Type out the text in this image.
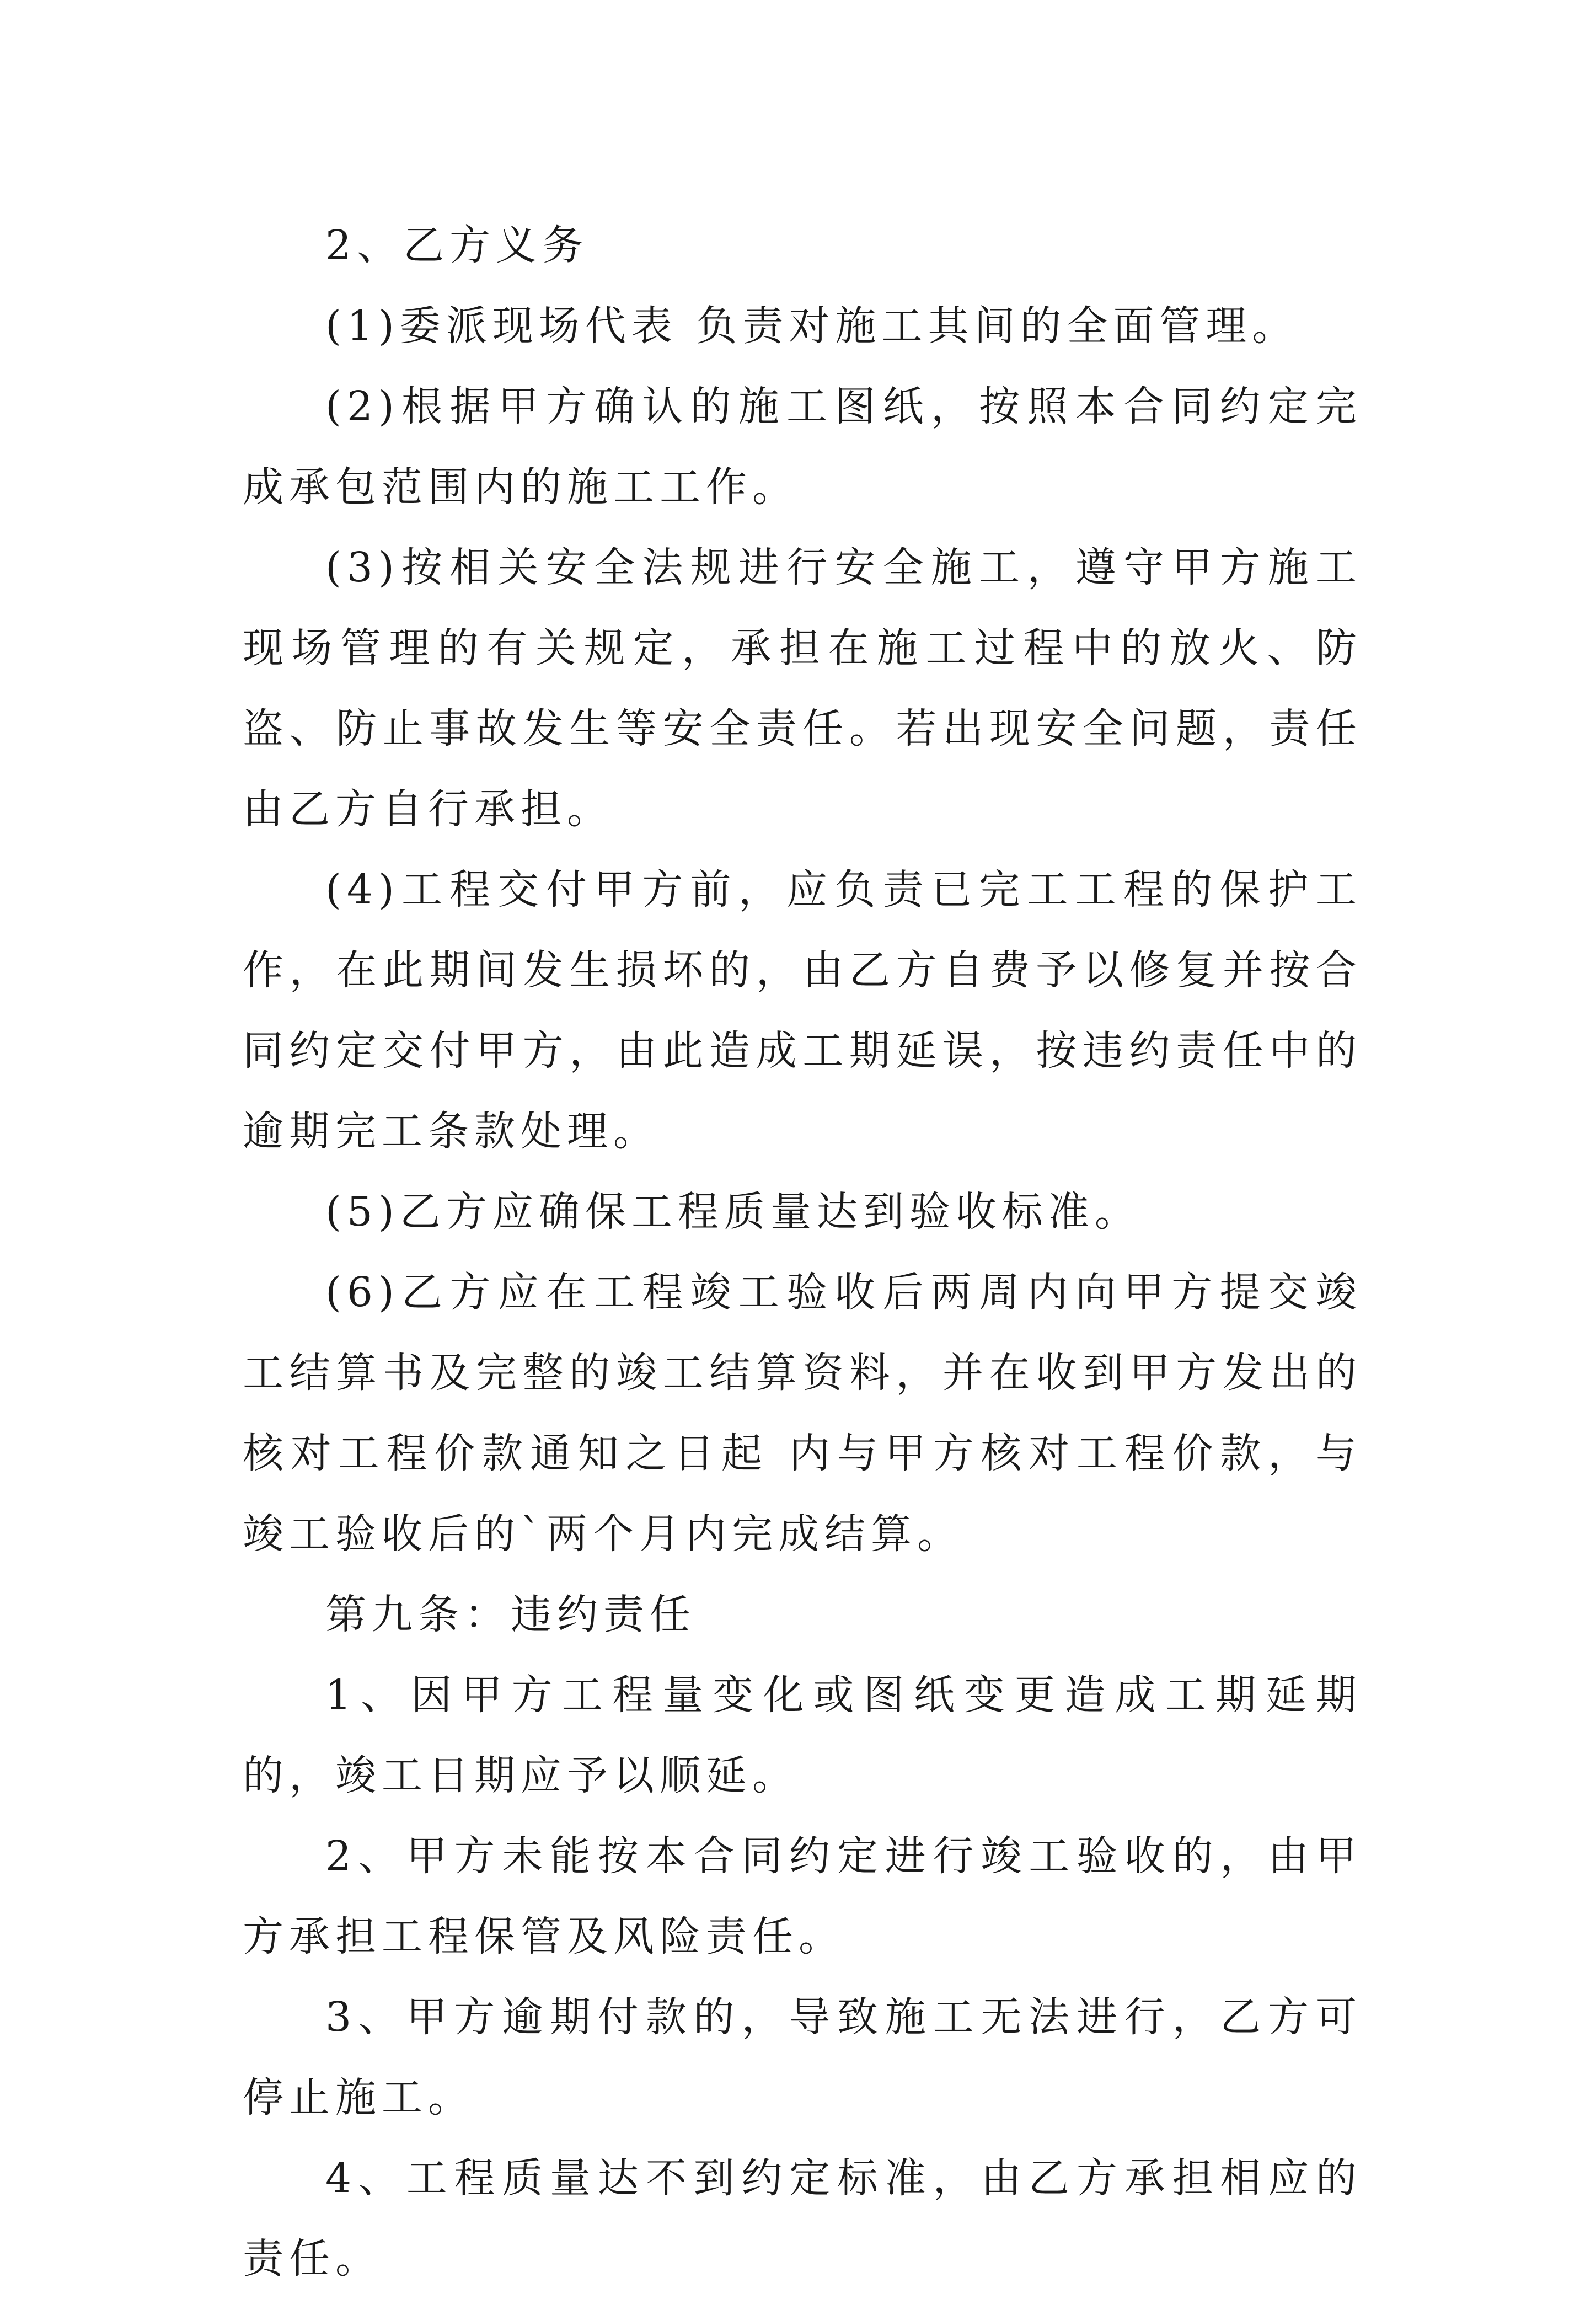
2、乙方义务

(1)委派现场代表 负责对施工其间的全面管理。

(2)根据甲方确认的施工图纸，按照本合同约定完成承包范围内的施工工作。

(3)按相关安全法规进行安全施工，遵守甲方施工现场管理的有关规定，承担在施工过程中的放火、防盗、防止事故发生等安全责任。若出现安全问题，责任由乙方自行承担。

(4)工程交付甲方前，应负责已完工工程的保护工作，在此期间发生损坏的，由乙方自费予以修复并按合同约定交付甲方，由此造成工期延误，按违约责任中的逾期完工条款处理。

(5)乙方应确保工程质量达到验收标准。

(6)乙方应在工程竣工验收后两周内向甲方提交竣工结算书及完整的竣工结算资料，并在收到甲方发出的核对工程价款通知之日起 内与甲方核对工程价款，与竣工验收后的`两个月内完成结算。

第九条：违约责任

1、因甲方工程量变化或图纸变更造成工期延期的，竣工日期应予以顺延。

2、甲方未能按本合同约定进行竣工验收的，由甲方承担工程保管及风险责任。

3、甲方逾期付款的，导致施工无法进行，乙方可停止施工。

4、工程质量达不到约定标准，由乙方承担相应的责任。
